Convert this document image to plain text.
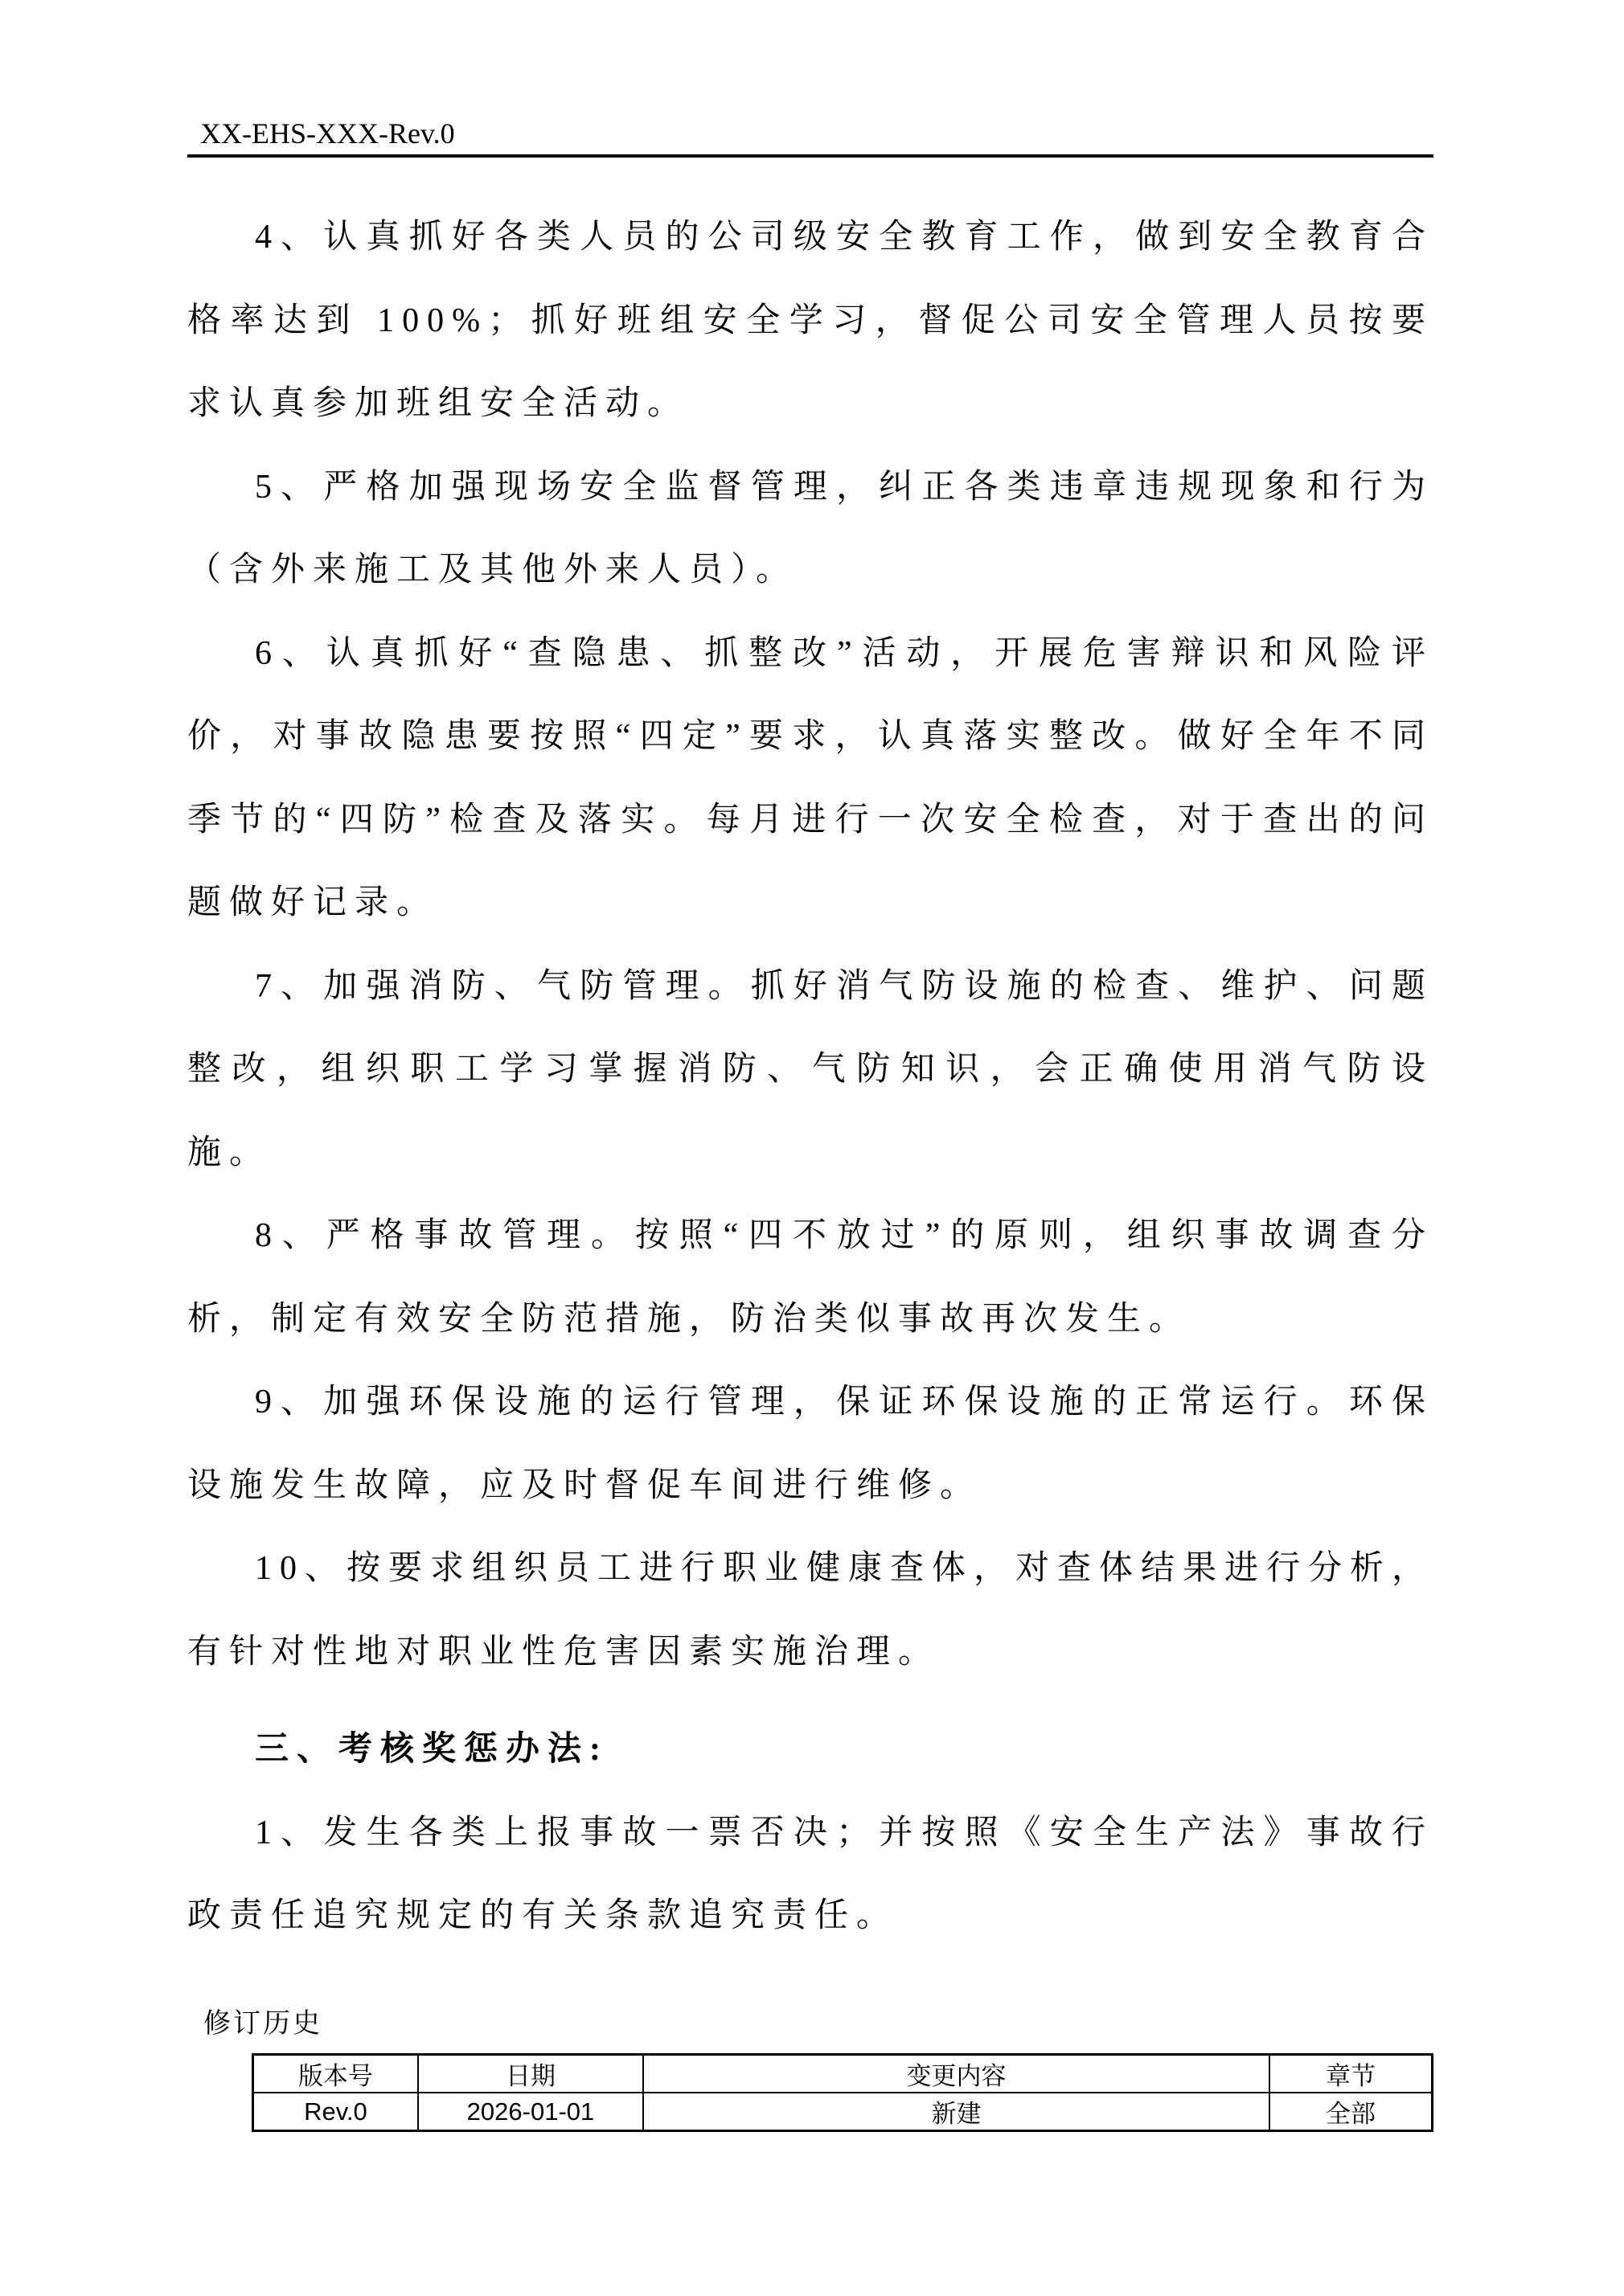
XX-EHS-XXX-Rev.0

4、认真抓好各类人员的公司级安全教育工作，做到安全教育合格率达到 100%；抓好班组安全学习，督促公司安全管理人员按要求认真参加班组安全活动。

5、严格加强现场安全监督管理，纠正各类违章违规现象和行为（含外来施工及其他外来人员）。

6、认真抓好“查隐患、抓整改”活动，开展危害辩识和风险评价，对事故隐患要按照“四定”要求，认真落实整改。做好全年不同季节的“四防”检查及落实。每月进行一次安全检查，对于查出的问题做好记录。

7、加强消防、气防管理。抓好消气防设施的检查、维护、问题整改，组织职工学习掌握消防、气防知识，会正确使用消气防设施。

8、严格事故管理。按照“四不放过”的原则，组织事故调查分析，制定有效安全防范措施，防治类似事故再次发生。

9、加强环保设施的运行管理，保证环保设施的正常运行。环保设施发生故障，应及时督促车间进行维修。

10、按要求组织员工进行职业健康查体，对查体结果进行分析，有针对性地对职业性危害因素实施治理。

三、考核奖惩办法:

1、发生各类上报事故一票否决；并按照《安全生产法》事故行政责任追究规定的有关条款追究责任。

修订历史
版本号	日期	变更内容	章节
Rev.0	2026-01-01	新建	全部
